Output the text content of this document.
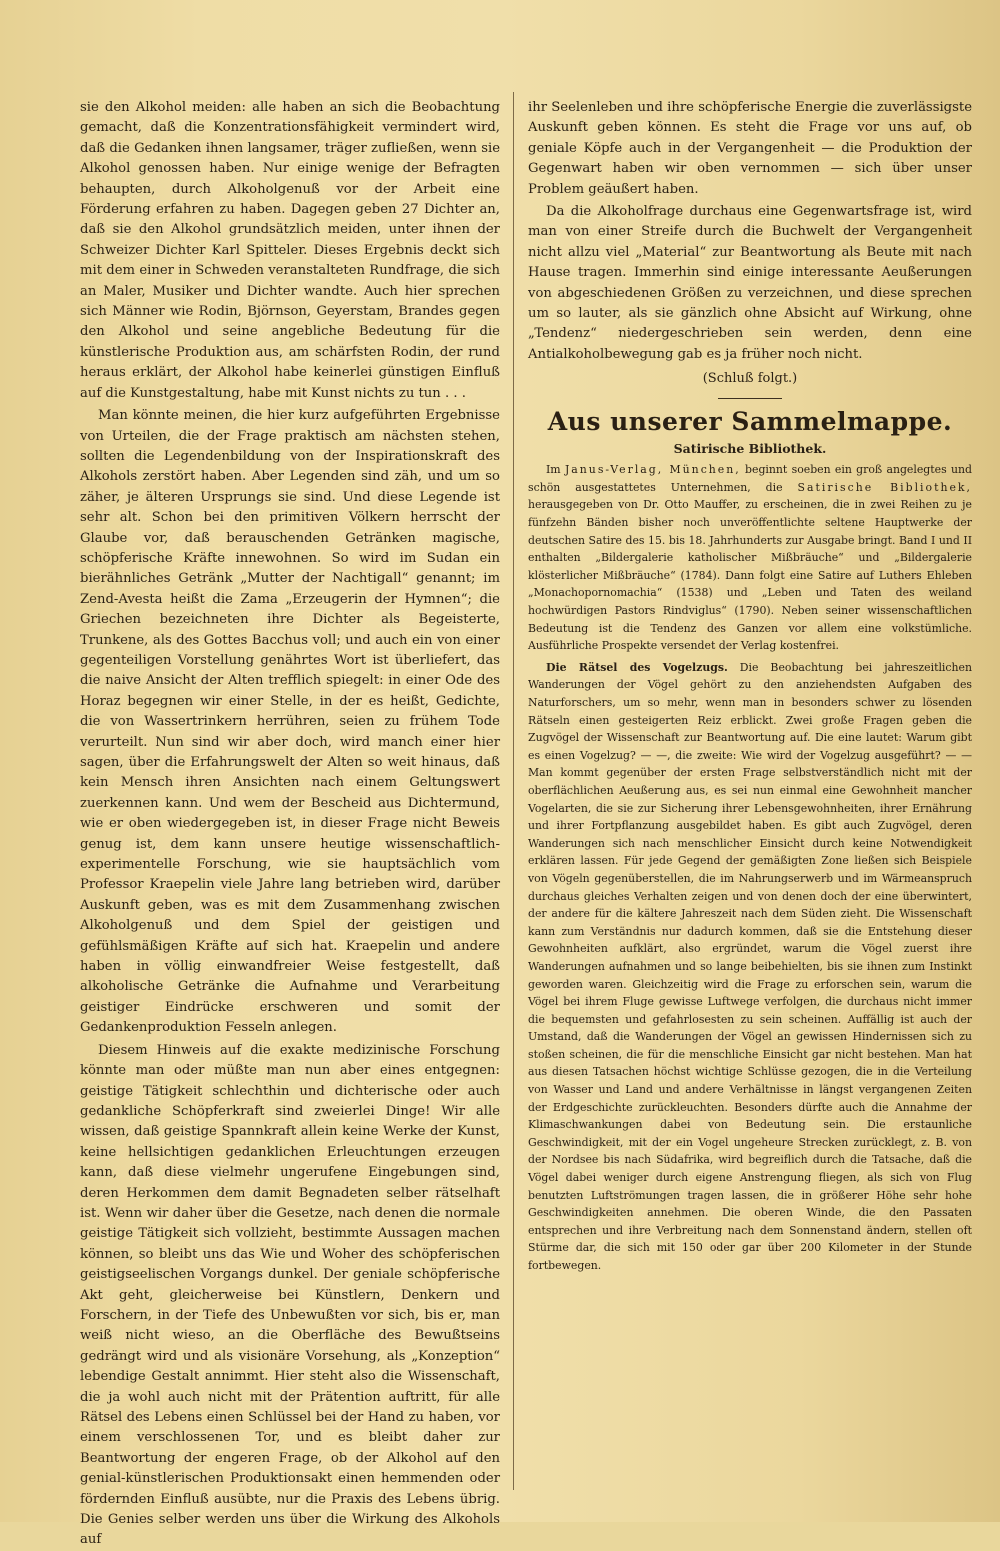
sie den Alkohol meiden: alle haben an sich die Beobachtung gemacht, daß die Konzentrationsfähigkeit vermindert wird, daß die Gedanken ihnen langsamer, träger zufließen, wenn sie Alkohol genossen haben. Nur einige wenige der Befragten behaupten, durch Alkoholgenuß vor der Arbeit eine Förderung erfahren zu haben. Dagegen geben 27 Dichter an, daß sie den Alkohol grundsätzlich meiden, unter ihnen der Schweizer Dichter Karl Spitteler. Dieses Ergebnis deckt sich mit dem einer in Schweden veranstalteten Rundfrage, die sich an Maler, Musiker und Dichter wandte. Auch hier sprechen sich Männer wie Rodin, Björnson, Geyerstam, Brandes gegen den Alkohol und seine angebliche Bedeutung für die künstlerische Produktion aus, am schärfsten Rodin, der rund heraus erklärt, der Alkohol habe keinerlei günstigen Einfluß auf die Kunstgestaltung, habe mit Kunst nichts zu tun . . .

Man könnte meinen, die hier kurz aufgeführten Ergebnisse von Urteilen, die der Frage praktisch am nächsten stehen, sollten die Legendenbildung von der Inspirationskraft des Alkohols zerstört haben. Aber Legenden sind zäh, und um so zäher, je älteren Ursprungs sie sind. Und diese Legende ist sehr alt. Schon bei den primitiven Völkern herrscht der Glaube vor, daß berauschenden Getränken magische, schöpferische Kräfte innewohnen. So wird im Sudan ein bierähnliches Getränk „Mutter der Nachtigall“ genannt; im Zend-Avesta heißt die Zama „Erzeugerin der Hymnen“; die Griechen bezeichneten ihre Dichter als Begeisterte, Trunkene, als des Gottes Bacchus voll; und auch ein von einer gegenteiligen Vorstellung genährtes Wort ist überliefert, das die naive Ansicht der Alten trefflich spiegelt: in einer Ode des Horaz begegnen wir einer Stelle, in der es heißt, Gedichte, die von Wassertrinkern herrühren, seien zu frühem Tode verurteilt. Nun sind wir aber doch, wird manch einer hier sagen, über die Erfahrungswelt der Alten so weit hinaus, daß kein Mensch ihren Ansichten nach einem Geltungswert zuerkennen kann. Und wem der Bescheid aus Dichtermund, wie er oben wiedergegeben ist, in dieser Frage nicht Beweis genug ist, dem kann unsere heutige wissenschaftlich-experimentelle Forschung, wie sie hauptsächlich vom Professor Kraepelin viele Jahre lang betrieben wird, darüber Auskunft geben, was es mit dem Zusammenhang zwischen Alkoholgenuß und dem Spiel der geistigen und gefühlsmäßigen Kräfte auf sich hat. Kraepelin und andere haben in völlig einwandfreier Weise festgestellt, daß alkoholische Getränke die Aufnahme und Verarbeitung geistiger Eindrücke erschweren und somit der Gedankenproduktion Fesseln anlegen.

Diesem Hinweis auf die exakte medizinische Forschung könnte man oder müßte man nun aber eines entgegnen: geistige Tätigkeit schlechthin und dichterische oder auch gedankliche Schöpferkraft sind zweierlei Dinge! Wir alle wissen, daß geistige Spannkraft allein keine Werke der Kunst, keine hellsichtigen gedanklichen Erleuchtungen erzeugen kann, daß diese vielmehr ungerufene Eingebungen sind, deren Herkommen dem damit Begnadeten selber rätselhaft ist. Wenn wir daher über die Gesetze, nach denen die normale geistige Tätigkeit sich vollzieht, bestimmte Aussagen machen können, so bleibt uns das Wie und Woher des schöpferischen geistigseelischen Vorgangs dunkel. Der geniale schöpferische Akt geht, gleicherweise bei Künstlern, Denkern und Forschern, in der Tiefe des Unbewußten vor sich, bis er, man weiß nicht wieso, an die Oberfläche des Bewußtseins gedrängt wird und als visionäre Vorsehung, als „Konzeption“ lebendige Gestalt annimmt. Hier steht also die Wissenschaft, die ja wohl auch nicht mit der Prätention auftritt, für alle Rätsel des Lebens einen Schlüssel bei der Hand zu haben, vor einem verschlossenen Tor, und es bleibt daher zur Beantwortung der engeren Frage, ob der Alkohol auf den genial-künstlerischen Produktionsakt einen hemmenden oder fördernden Einfluß ausübte, nur die Praxis des Lebens übrig. Die Genies selber werden uns über die Wirkung des Alkohols auf

ihr Seelenleben und ihre schöpferische Energie die zuverlässigste Auskunft geben können. Es steht die Frage vor uns auf, ob geniale Köpfe auch in der Vergangenheit — die Produktion der Gegenwart haben wir oben vernommen — sich über unser Problem geäußert haben.

Da die Alkoholfrage durchaus eine Gegenwartsfrage ist, wird man von einer Streife durch die Buchwelt der Vergangenheit nicht allzu viel „Material“ zur Beantwortung als Beute mit nach Hause tragen. Immerhin sind einige interessante Aeußerungen von abgeschiedenen Größen zu verzeichnen, und diese sprechen um so lauter, als sie gänzlich ohne Absicht auf Wirkung, ohne „Tendenz“ niedergeschrieben sein werden, denn eine Antialkoholbewegung gab es ja früher noch nicht.

(Schluß folgt.)

Aus unserer Sammelmappe.
Satirische Bibliothek.

Im Janus-Verlag, München, beginnt soeben ein groß angelegtes und schön ausgestattetes Unternehmen, die Satirische Bibliothek, herausgegeben von Dr. Otto Mauffer, zu erscheinen, die in zwei Reihen zu je fünfzehn Bänden bisher noch unveröffentlichte seltene Hauptwerke der deutschen Satire des 15. bis 18. Jahrhunderts zur Ausgabe bringt. Band I und II enthalten „Bildergalerie katholischer Mißbräuche“ und „Bildergalerie klösterlicher Mißbräuche“ (1784). Dann folgt eine Satire auf Luthers Ehleben „Monachopornomachia“ (1538) und „Leben und Taten des weiland hochwürdigen Pastors Rindviglus“ (1790). Neben seiner wissenschaftlichen Bedeutung ist die Tendenz des Ganzen vor allem eine volkstümliche. Ausführliche Prospekte versendet der Verlag kostenfrei.

Die Rätsel des Vogelzugs. Die Beobachtung bei jahreszeitlichen Wanderungen der Vögel gehört zu den anziehendsten Aufgaben des Naturforschers, um so mehr, wenn man in besonders schwer zu lösenden Rätseln einen gesteigerten Reiz erblickt. Zwei große Fragen geben die Zugvögel der Wissenschaft zur Beantwortung auf. Die eine lautet: Warum gibt es einen Vogelzug? — —, die zweite: Wie wird der Vogelzug ausgeführt? — — Man kommt gegenüber der ersten Frage selbstverständlich nicht mit der oberflächlichen Aeußerung aus, es sei nun einmal eine Gewohnheit mancher Vogelarten, die sie zur Sicherung ihrer Lebensgewohnheiten, ihrer Ernährung und ihrer Fortpflanzung ausgebildet haben. Es gibt auch Zugvögel, deren Wanderungen sich nach menschlicher Einsicht durch keine Notwendigkeit erklären lassen. Für jede Gegend der gemäßigten Zone ließen sich Beispiele von Vögeln gegenüberstellen, die im Nahrungserwerb und im Wärmeanspruch durchaus gleiches Verhalten zeigen und von denen doch der eine überwintert, der andere für die kältere Jahreszeit nach dem Süden zieht. Die Wissenschaft kann zum Verständnis nur dadurch kommen, daß sie die Entstehung dieser Gewohnheiten aufklärt, also ergründet, warum die Vögel zuerst ihre Wanderungen aufnahmen und so lange beibehielten, bis sie ihnen zum Instinkt geworden waren. Gleichzeitig wird die Frage zu erforschen sein, warum die Vögel bei ihrem Fluge gewisse Luftwege verfolgen, die durchaus nicht immer die bequemsten und gefahrlosesten zu sein scheinen. Auffällig ist auch der Umstand, daß die Wanderungen der Vögel an gewissen Hindernissen sich zu stoßen scheinen, die für die menschliche Einsicht gar nicht bestehen. Man hat aus diesen Tatsachen höchst wichtige Schlüsse gezogen, die in die Verteilung von Wasser und Land und andere Verhältnisse in längst vergangenen Zeiten der Erdgeschichte zurückleuchten. Besonders dürfte auch die Annahme der Klimaschwankungen dabei von Bedeutung sein. Die erstaunliche Geschwindigkeit, mit der ein Vogel ungeheure Strecken zurücklegt, z. B. von der Nordsee bis nach Südafrika, wird begreiflich durch die Tatsache, daß die Vögel dabei weniger durch eigene Anstrengung fliegen, als sich von Flug benutzten Luftströmungen tragen lassen, die in größerer Höhe sehr hohe Geschwindigkeiten annehmen. Die oberen Winde, die den Passaten entsprechen und ihre Verbreitung nach dem Sonnenstand ändern, stellen oft Stürme dar, die sich mit 150 oder gar über 200 Kilometer in der Stunde fortbewegen.
